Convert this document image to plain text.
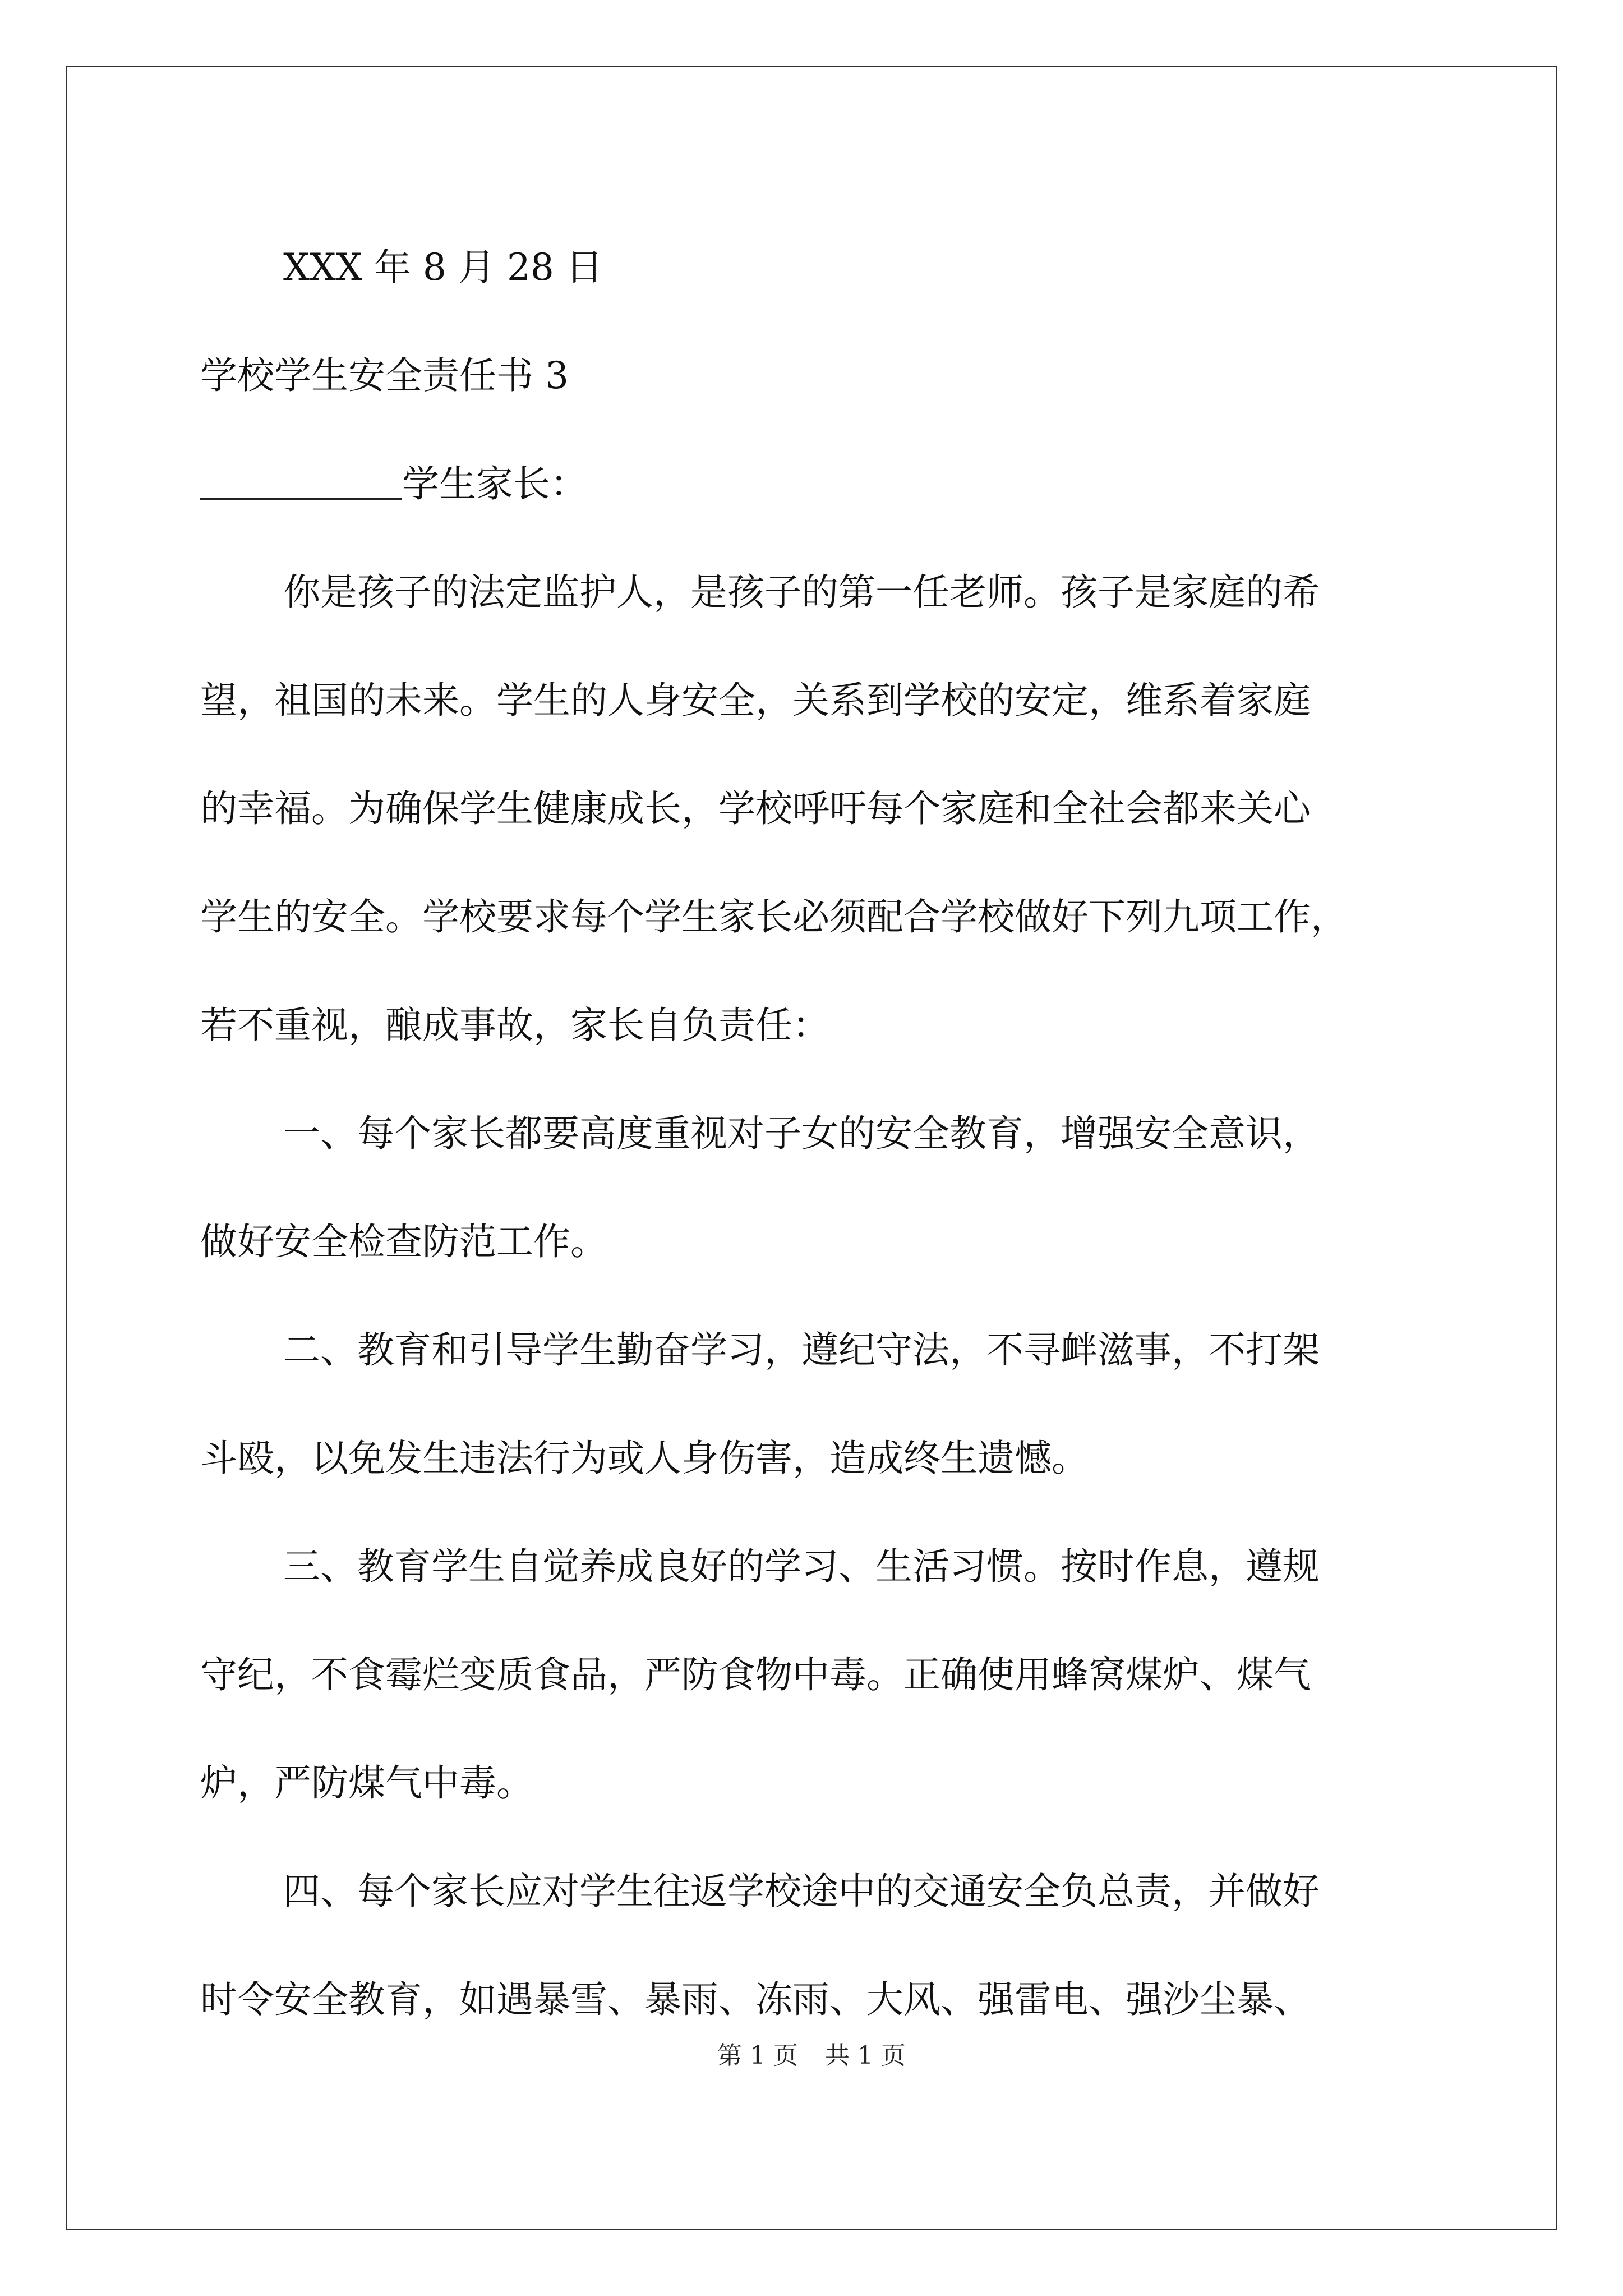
XXX 年 8 月 28 日
学校学生安全责任书 3
学生家长：
你是孩子的法定监护人，是孩子的第一任老师。孩子是家庭的希
望，祖国的未来。学生的人身安全，关系到学校的安定，维系着家庭
的幸福。为确保学生健康成长，学校呼吁每个家庭和全社会都来关心
学生的安全。学校要求每个学生家长必须配合学校做好下列九项工作，
若不重视，酿成事故，家长自负责任：
一、每个家长都要高度重视对子女的安全教育，增强安全意识，
做好安全检查防范工作。
二、教育和引导学生勤奋学习，遵纪守法，不寻衅滋事，不打架
斗殴，以免发生违法行为或人身伤害，造成终生遗憾。
三、教育学生自觉养成良好的学习、生活习惯。按时作息，遵规
守纪，不食霉烂变质食品，严防食物中毒。正确使用蜂窝煤炉、煤气
炉，严防煤气中毒。
四、每个家长应对学生往返学校途中的交通安全负总责，并做好
时令安全教育，如遇暴雪、暴雨、冻雨、大风、强雷电、强沙尘暴、
第 1 页 共 1 页
